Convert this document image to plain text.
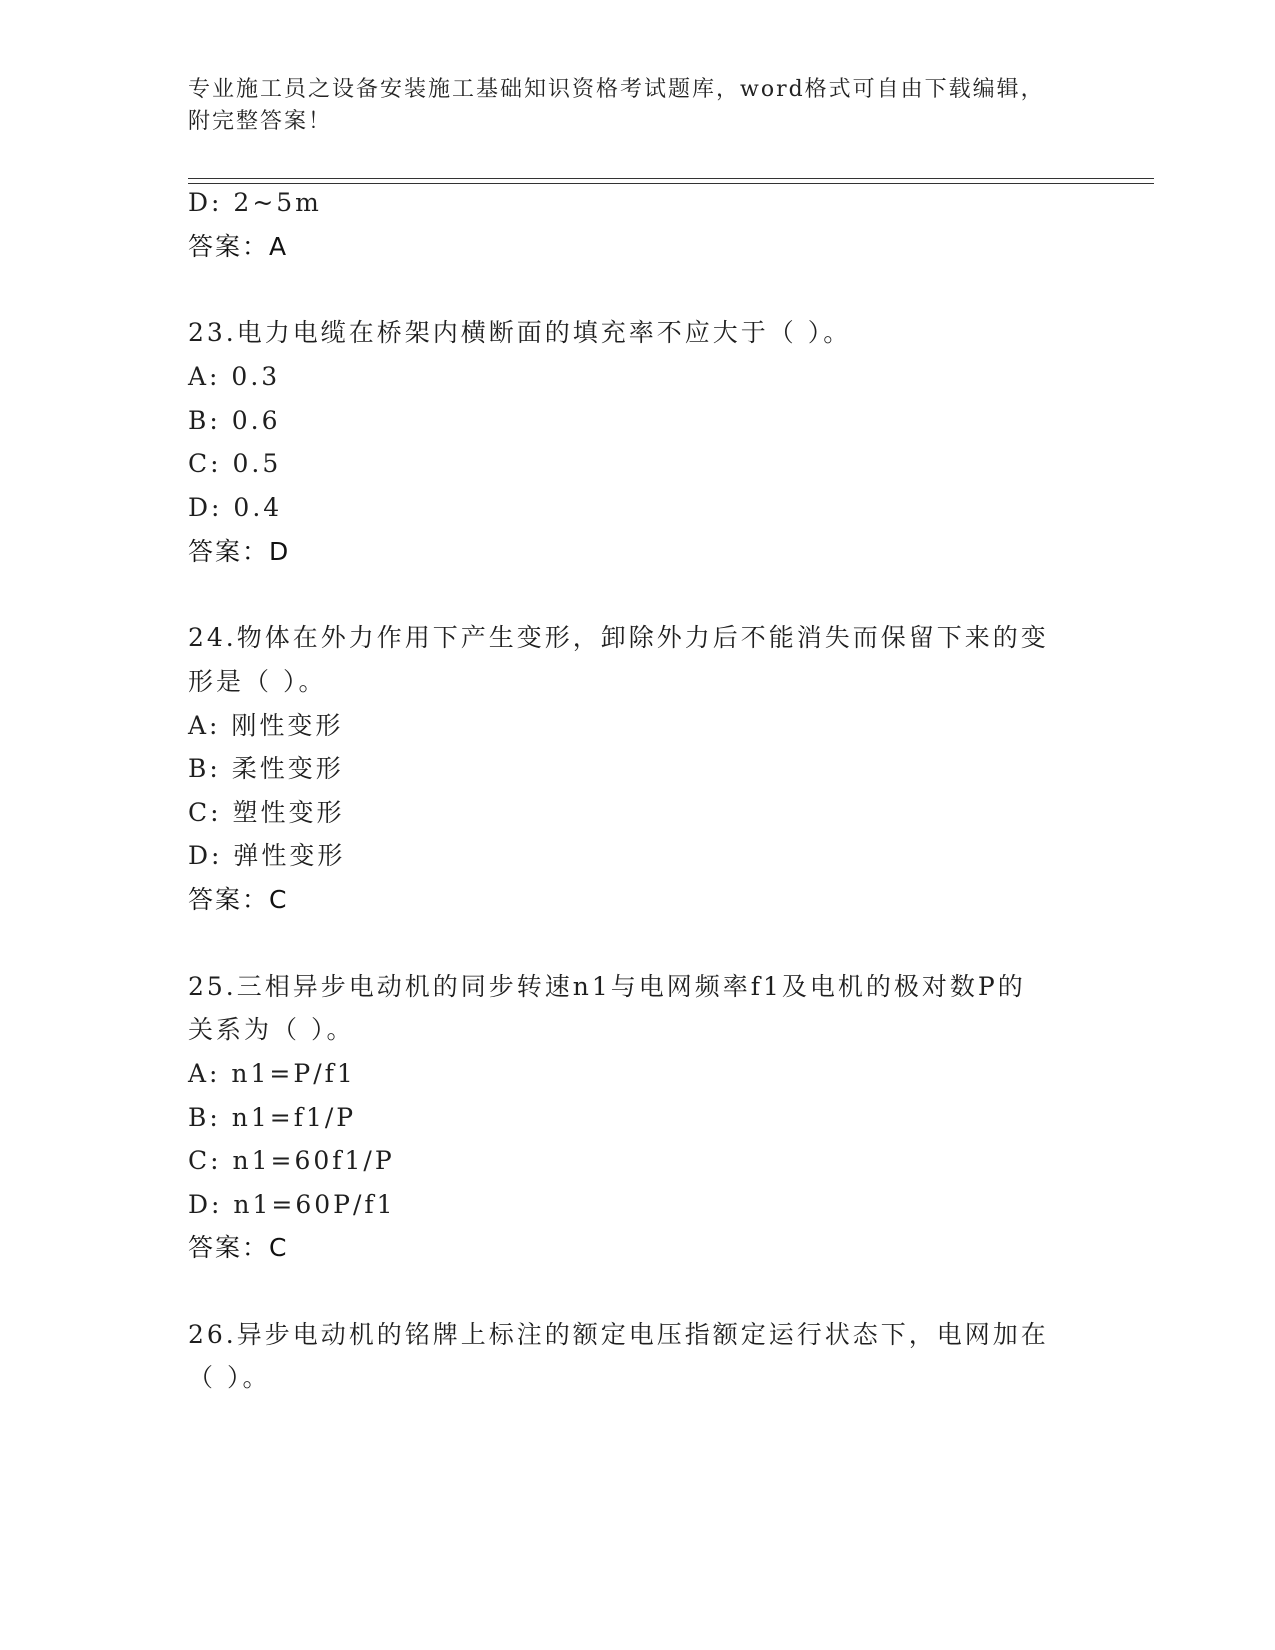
专业施工员之设备安装施工基础知识资格考试题库，word格式可自由下载编辑，
附完整答案！
D: 2~5m
答案：A
23.电力电缆在桥架内横断面的填充率不应大于（ ）。
A: 0.3
B: 0.6
C: 0.5
D: 0.4
答案：D
24.物体在外力作用下产生变形，卸除外力后不能消失而保留下来的变
形是（ ）。
A: 刚性变形
B: 柔性变形
C: 塑性变形
D: 弹性变形
答案：C
25.三相异步电动机的同步转速n1与电网频率f1及电机的极对数P的
关系为（ ）。
A: n1=P/f1
B: n1=f1/P
C: n1=60f1/P
D: n1=60P/f1
答案：C
26.异步电动机的铭牌上标注的额定电压指额定运行状态下，电网加在
（ ）。
